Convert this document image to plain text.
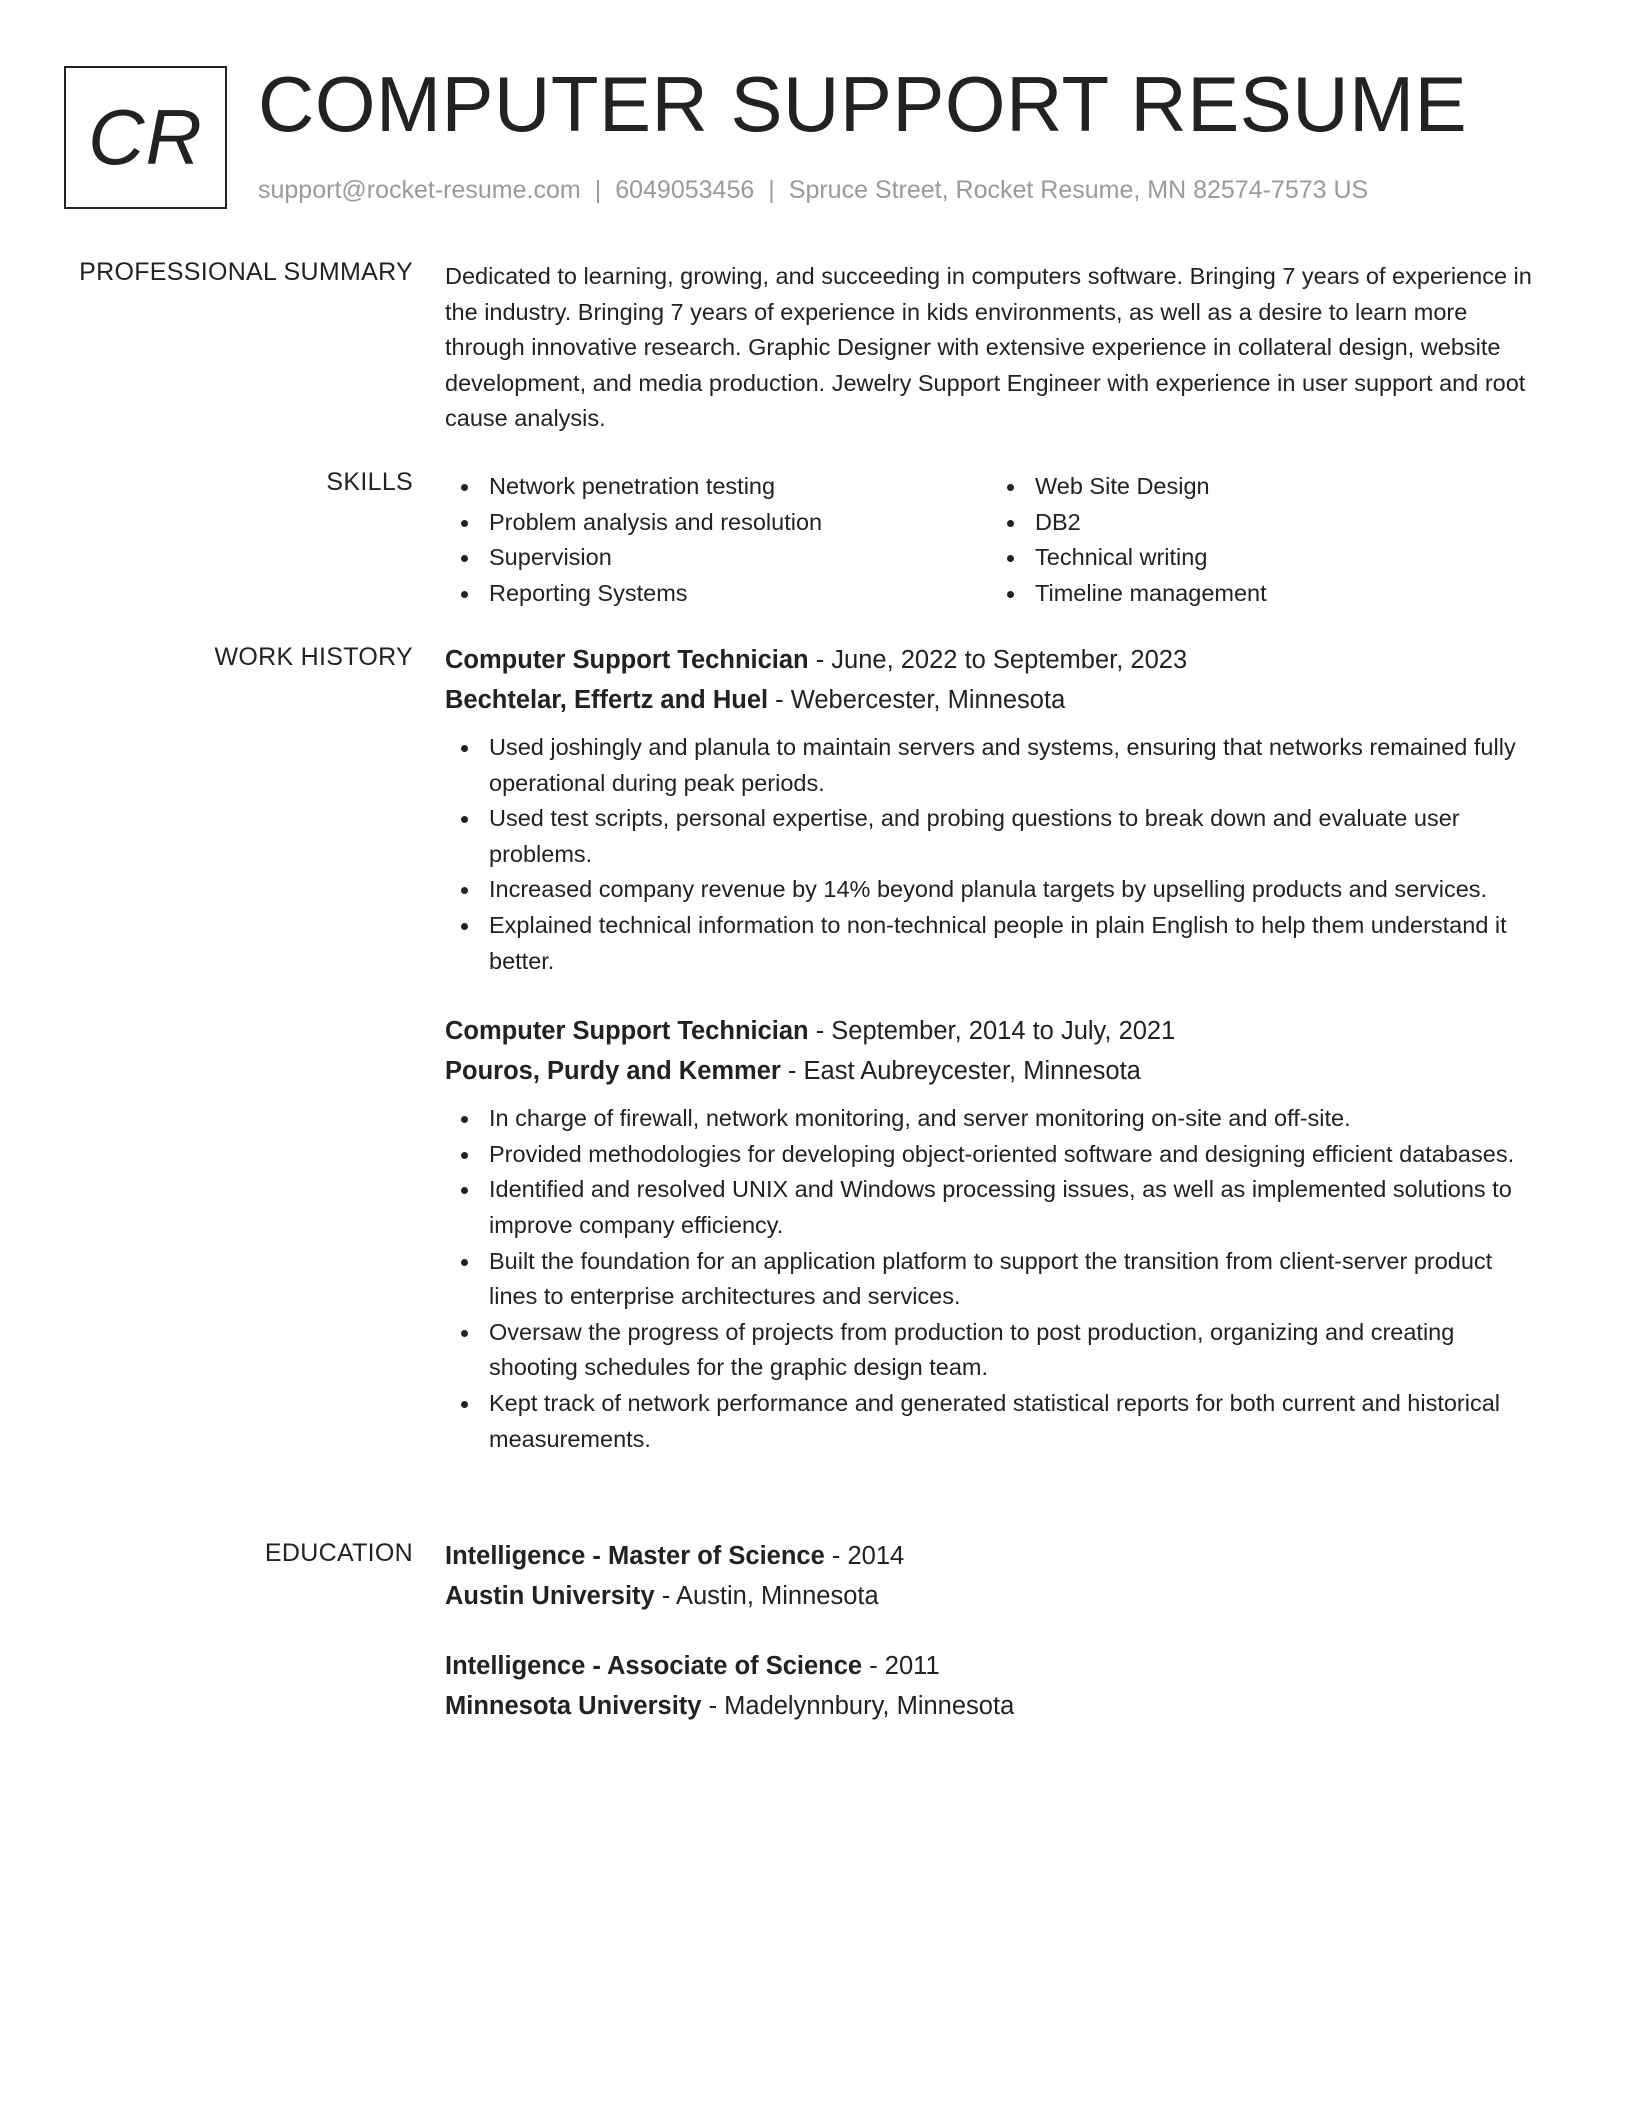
CR COMPUTER SUPPORT RESUME
support@rocket-resume.com | 6049053456 | Spruce Street, Rocket Resume, MN 82574-7573 US
PROFESSIONAL SUMMARY Dedicated to learning, growing, and succeeding in computers software. Bringing 7 years of experience in the industry. Bringing 7 years of experience in kids environments, as well as a desire to learn more through innovative research. Graphic Designer with extensive experience in collateral design, website development, and media production. Jewelry Support Engineer with experience in user support and root cause analysis.

SKILLS	Network penetration testing
Problem analysis and resolution
Supervision
Reporting Systems
Web Site Design
DB2
Technical writing
Timeline management
WORK HISTORY Computer Support Technician - June, 2022 to September, 2023
Bechtelar, Effertz and Huel - Webercester, Minnesota
Used joshingly and planula to maintain servers and systems, ensuring that networks remained fully operational during peak periods.
Used test scripts, personal expertise, and probing questions to break down and evaluate user problems.
Increased company revenue by 14% beyond planula targets by upselling products and services.
Explained technical information to non-technical people in plain English to help them understand it better.
Computer Support Technician - September, 2014 to July, 2021
Pouros, Purdy and Kemmer - East Aubreycester, Minnesota
In charge of firewall, network monitoring, and server monitoring on-site and off-site.
Provided methodologies for developing object-oriented software and designing efficient databases.
Identified and resolved UNIX and Windows processing issues, as well as implemented solutions to improve company efficiency.
Built the foundation for an application platform to support the transition from client-server product lines to enterprise architectures and services.
Oversaw the progress of projects from production to post production, organizing and creating shooting schedules for the graphic design team.
Kept track of network performance and generated statistical reports for both current and historical measurements.
EDUCATION Intelligence - Master of Science - 2014
Austin University - Austin, Minnesota
Intelligence - Associate of Science - 2011
Minnesota University - Madelynnbury, Minnesota
